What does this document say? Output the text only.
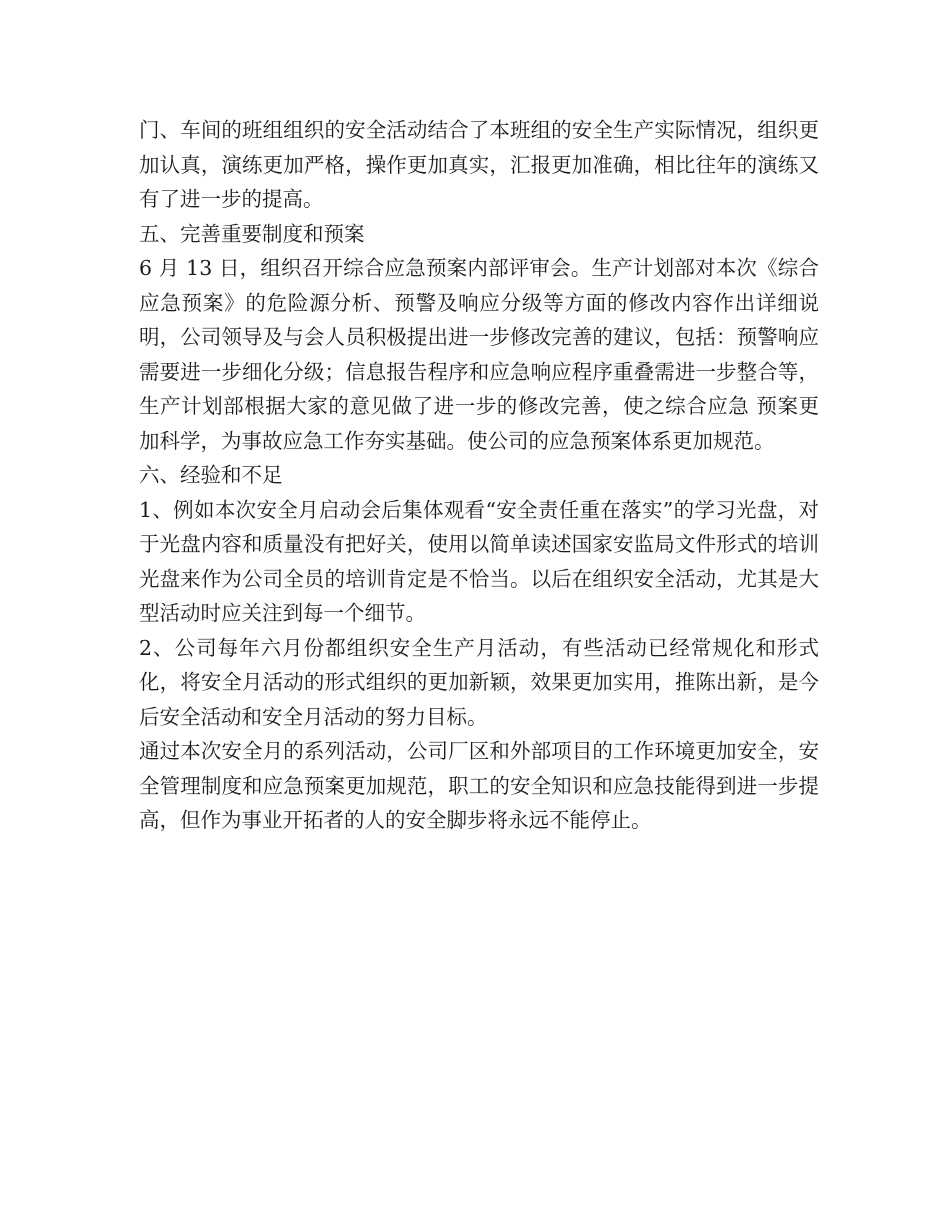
门、车间的班组组织的安全活动结合了本班组的安全生产实际情况，组织更加认真，演练更加严格，操作更加真实，汇报更加准确，相比往年的演练又有了进一步的提高。

五、完善重要制度和预案

6 月 13 日，组织召开综合应急预案内部评审会。生产计划部对本次《综合应急预案》的危险源分析、预警及响应分级等方面的修改内容作出详细说明，公司领导及与会人员积极提出进一步修改完善的建议，包括：预警响应需要进一步细化分级；信息报告程序和应急响应程序重叠需进一步整合等，生产计划部根据大家的意见做了进一步的修改完善，使之综合应急 预案更加科学，为事故应急工作夯实基础。使公司的应急预案体系更加规范。

六、经验和不足

1、例如本次安全月启动会后集体观看“安全责任重在落实”的学习光盘，对于光盘内容和质量没有把好关，使用以简单读述国家安监局文件形式的培训光盘来作为公司全员的培训肯定是不恰当。以后在组织安全活动，尤其是大型活动时应关注到每一个细节。

2、公司每年六月份都组织安全生产月活动，有些活动已经常规化和形式化，将安全月活动的形式组织的更加新颖，效果更加实用，推陈出新，是今后安全活动和安全月活动的努力目标。

通过本次安全月的系列活动，公司厂区和外部项目的工作环境更加安全，安全管理制度和应急预案更加规范，职工的安全知识和应急技能得到进一步提高，但作为事业开拓者的人的安全脚步将永远不能停止。
